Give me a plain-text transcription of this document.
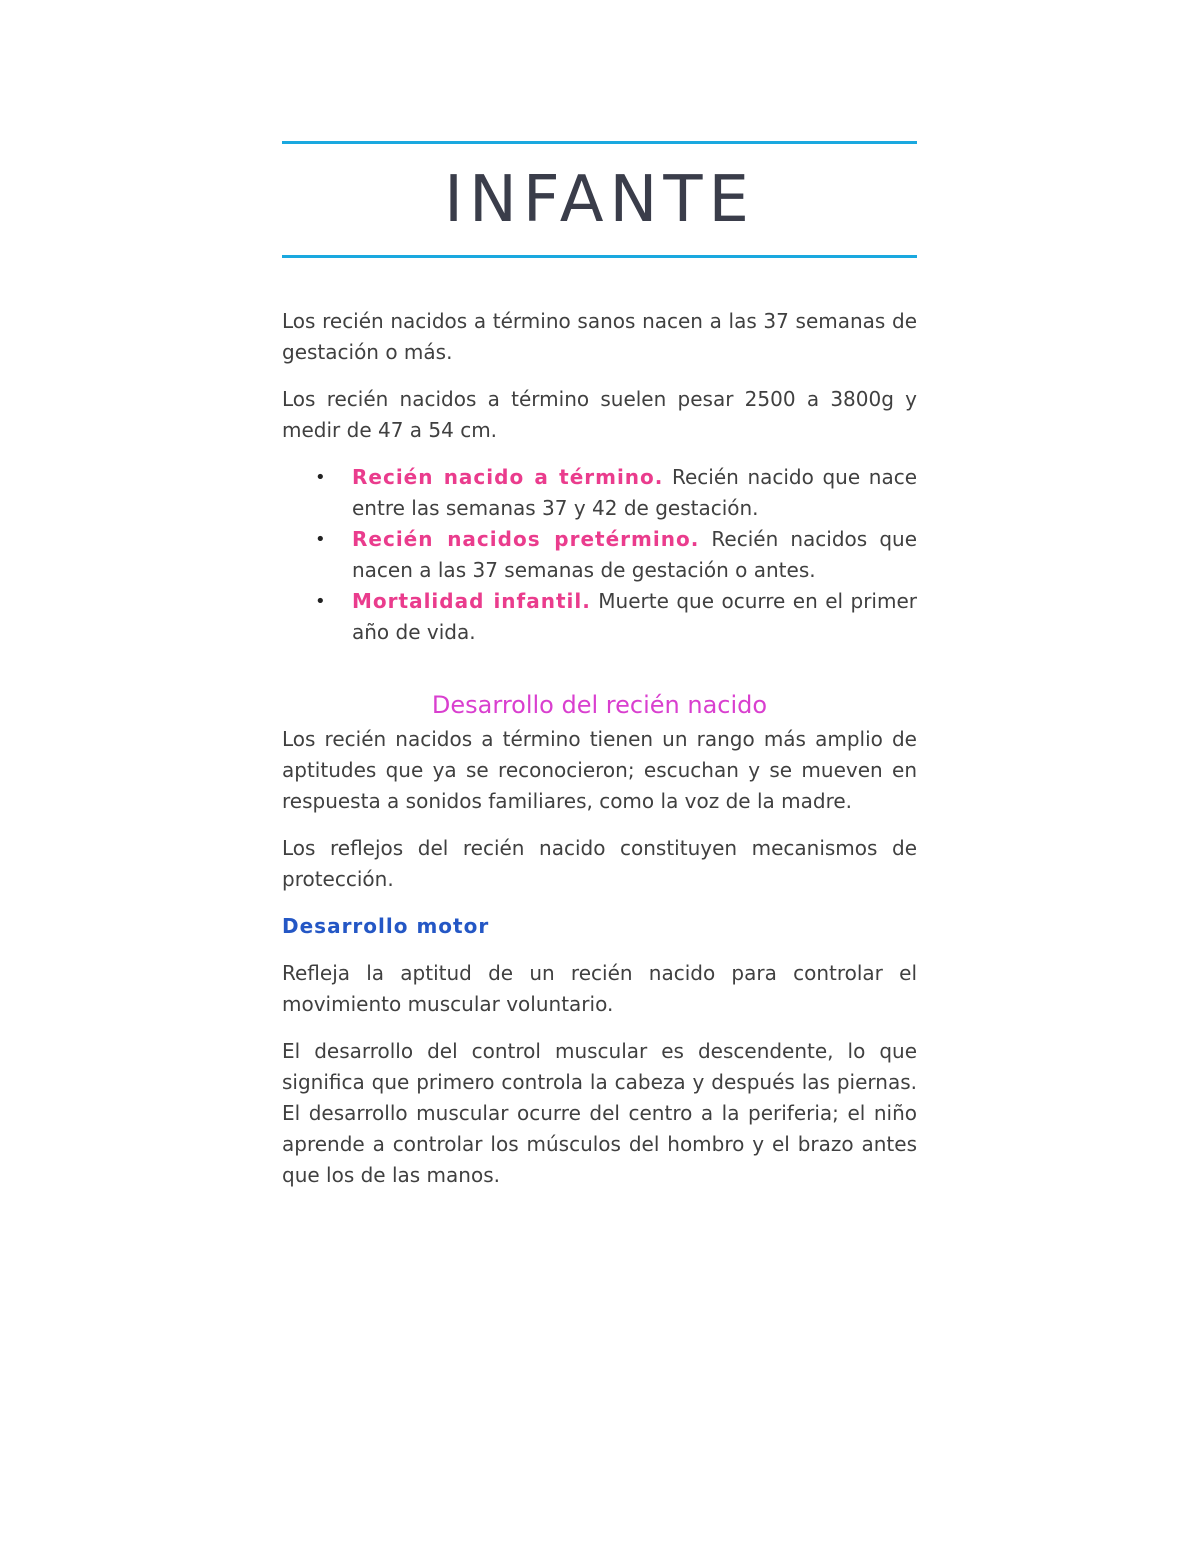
INFANTE

Los recién nacidos a término sanos nacen a las 37 semanas de gestación o más.

Los recién nacidos a término suelen pesar 2500 a 3800g y medir de 47 a 54 cm.

• Recién nacido a término. Recién nacido que nace entre las semanas 37 y 42 de gestación.
• Recién nacidos pretérmino. Recién nacidos que nacen a las 37 semanas de gestación o antes.
• Mortalidad infantil. Muerte que ocurre en el primer año de vida.
Desarrollo del recién nacido

Los recién nacidos a término tienen un rango más amplio de aptitudes que ya se reconocieron; escuchan y se mueven en respuesta a sonidos familiares, como la voz de la madre.

Los reflejos del recién nacido constituyen mecanismos de protección.

Desarrollo motor

Refleja la aptitud de un recién nacido para controlar el movimiento muscular voluntario.

El desarrollo del control muscular es descendente, lo que significa que primero controla la cabeza y después las piernas. El desarrollo muscular ocurre del centro a la periferia; el niño aprende a controlar los músculos del hombro y el brazo antes que los de las manos.
